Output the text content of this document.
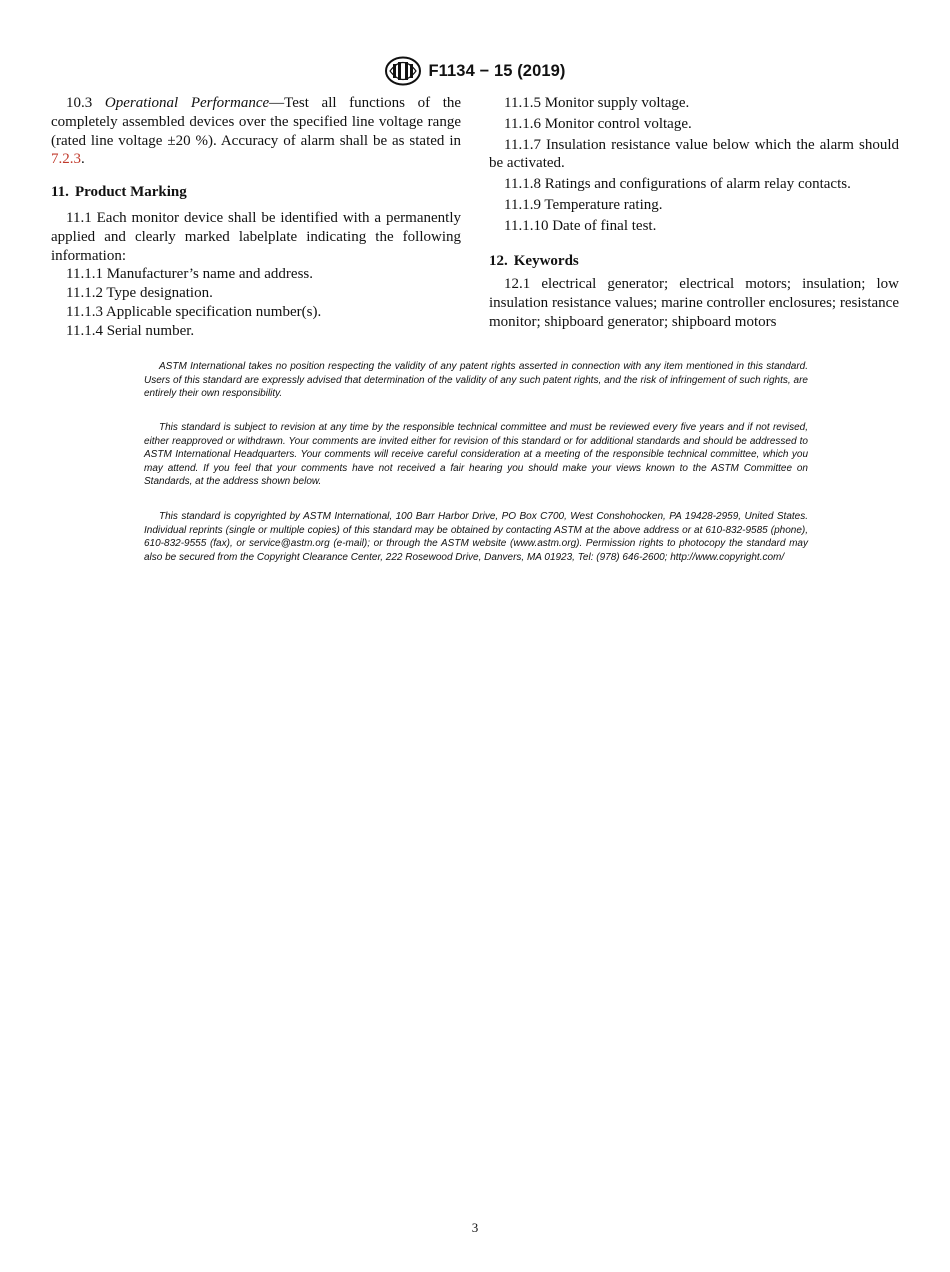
F1134 − 15 (2019)

10.3 Operational Performance—Test all functions of the completely assembled devices over the specified line voltage range (rated line voltage ±20 %). Accuracy of alarm shall be as stated in 7.2.3.

11. Product Marking

11.1 Each monitor device shall be identified with a permanently applied and clearly marked labelplate indicating the following information:

11.1.1 Manufacturer’s name and address.

11.1.2 Type designation.

11.1.3 Applicable specification number(s).

11.1.4 Serial number.

11.1.5 Monitor supply voltage.

11.1.6 Monitor control voltage.

11.1.7 Insulation resistance value below which the alarm should be activated.

11.1.8 Ratings and configurations of alarm relay contacts.

11.1.9 Temperature rating.

11.1.10 Date of final test.

12. Keywords

12.1 electrical generator; electrical motors; insulation; low insulation resistance values; marine controller enclosures; resistance monitor; shipboard generator; shipboard motors

ASTM International takes no position respecting the validity of any patent rights asserted in connection with any item mentioned in this standard. Users of this standard are expressly advised that determination of the validity of any such patent rights, and the risk of infringement of such rights, are entirely their own responsibility.

This standard is subject to revision at any time by the responsible technical committee and must be reviewed every five years and if not revised, either reapproved or withdrawn. Your comments are invited either for revision of this standard or for additional standards and should be addressed to ASTM International Headquarters. Your comments will receive careful consideration at a meeting of the responsible technical committee, which you may attend. If you feel that your comments have not received a fair hearing you should make your views known to the ASTM Committee on Standards, at the address shown below.

This standard is copyrighted by ASTM International, 100 Barr Harbor Drive, PO Box C700, West Conshohocken, PA 19428-2959, United States. Individual reprints (single or multiple copies) of this standard may be obtained by contacting ASTM at the above address or at 610-832-9585 (phone), 610-832-9555 (fax), or service@astm.org (e-mail); or through the ASTM website (www.astm.org). Permission rights to photocopy the standard may also be secured from the Copyright Clearance Center, 222 Rosewood Drive, Danvers, MA 01923, Tel: (978) 646-2600; http://www.copyright.com/

3
